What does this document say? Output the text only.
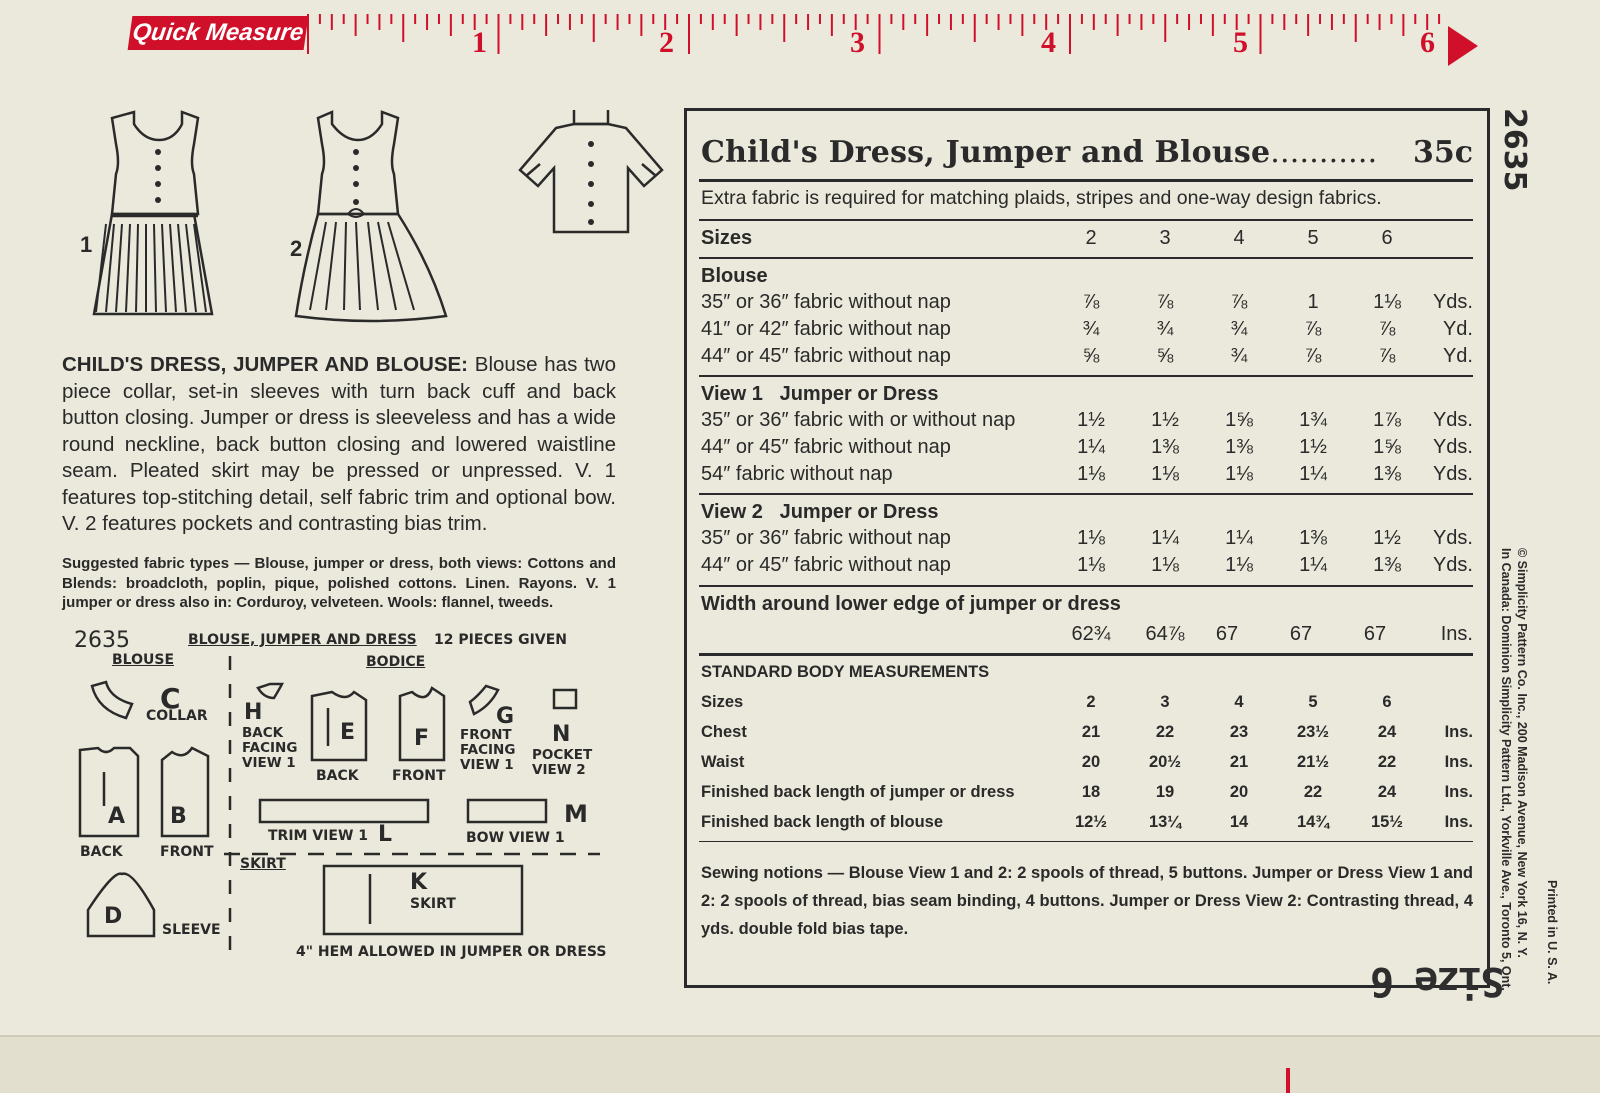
Quick Measure	1	2	3	4	5	6
1	2
CHILD'S DRESS, JUMPER AND BLOUSE: Blouse has two piece collar, set-in sleeves with turn back cuff and back button closing. Jumper or dress is sleeveless and has a wide round neckline, back button closing and lowered waistline seam. Pleated skirt may be pressed or unpressed. V. 1 features top-stitching detail, self fabric trim and optional bow. V. 2 features pockets and contrasting bias trim.
Suggested fabric types — Blouse, jumper or dress, both views: Cottons and Blends: broadcloth, poplin, pique, polished cottons. Linen. Rayons. V. 1 jumper or dress also in: Corduroy, velveteen. Wools: flannel, tweeds.
2635	BLOUSE, JUMPER AND DRESS 12 PIECES GIVEN
BLOUSE	BODICE
C
COLLAR
A
BACK
B
FRONT
D
SLEEVE
H
BACK FACING VIEW 1
E
BACK
F
FRONT
G
FRONT FACING VIEW 1
N
POCKET VIEW 2
L
TRIM VIEW 1
M
BOW VIEW 1
SKIRT
K
SKIRT
4" HEM ALLOWED IN JUMPER OR DRESS
Child's Dress, Jumper and Blouse........... 35c
Extra fabric is required for matching plaids, stripes and one-way design fabrics.
Sizes	2	3	4	5	6
Blouse
35″ or 36″ fabric without nap	⅞	⅞	⅞	1	1⅛	Yds.
41″ or 42″ fabric without nap	¾	¾	¾	⅞	⅞	Yd.
44″ or 45″ fabric without nap	⅝	⅝	¾	⅞	⅞	Yd.
View 1   Jumper or Dress
35″ or 36″ fabric with or without nap	1½	1½	1⅝	1¾	1⅞	Yds.
44″ or 45″ fabric without nap	1¼	1⅜	1⅜	1½	1⅝	Yds.
54″ fabric without nap	1⅛	1⅛	1⅛	1¼	1⅜	Yds.
View 2   Jumper or Dress
35″ or 36″ fabric without nap	1⅛	1¼	1¼	1⅜	1½	Yds.
44″ or 45″ fabric without nap	1⅛	1⅛	1⅛	1¼	1⅜	Yds.
Width around lower edge of jumper or dress
62¾	64⅞	67	67	67	Ins.
STANDARD BODY MEASUREMENTS
Sizes	2	3	4	5	6
Chest	21	22	23	23½	24	Ins.
Waist	20	20½	21	21½	22	Ins.
Finished back length of jumper or dress	18	19	20	22	24	Ins.
Finished back length of blouse	12½	13¼	14	14¾	15½	Ins.
Sewing notions — Blouse View 1 and 2: 2 spools of thread, 5 buttons. Jumper or Dress View 1 and 2: 2 spools of thread, bias seam binding, 4 buttons. Jumper or Dress View 2: Contrasting thread, 4 yds. double fold bias tape.
2635
© Simplicity Pattern Co. Inc., 200 Madison Avenue, New York 16, N. Y.
In Canada: Dominion Simplicity Pattern Ltd., Yorkville Ave., Toronto 5, Ont.	Printed in U. S. A.
Size 6
